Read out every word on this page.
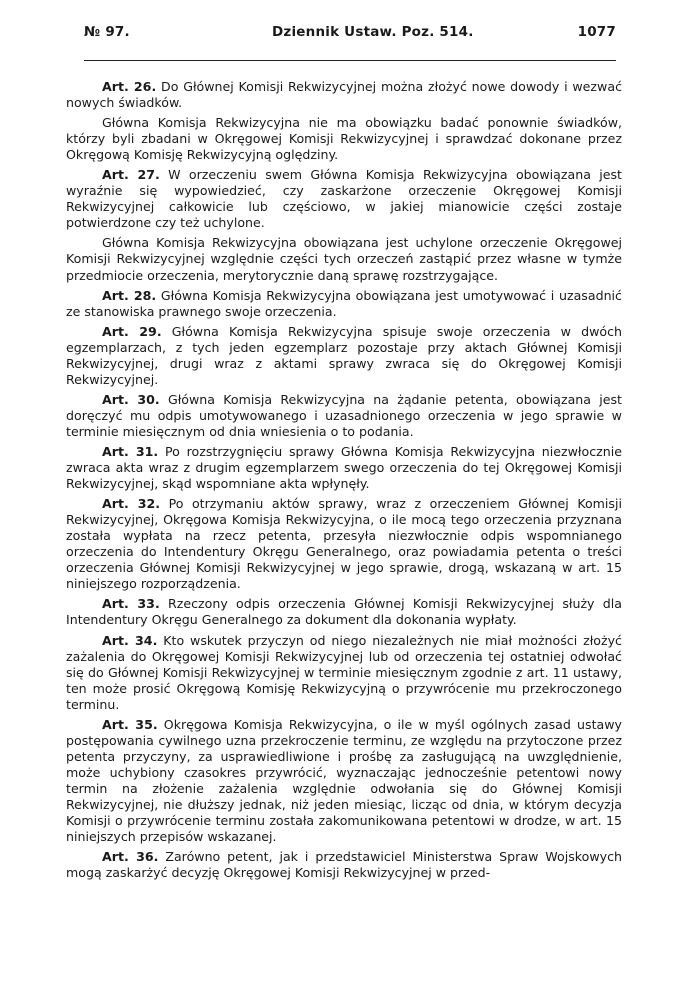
№ 97.	Dziennik Ustaw. Poz. 514.	1077

Art. 26. Do Głównej Komisji Rekwizycyjnej można złożyć nowe dowody i wezwać nowych świadków.

Główna Komisja Rekwizycyjna nie ma obowiązku badać ponownie świadków, którzy byli zbadani w Okręgowej Komisji Rekwizycyjnej i sprawdzać dokonane przez Okręgową Komisję Rekwizycyjną oględziny.

Art. 27. W orzeczeniu swem Główna Komisja Rekwizycyjna obowiązana jest wyraźnie się wypowiedzieć, czy zaskarżone orzeczenie Okręgowej Komisji Rekwizycyjnej całkowicie lub częściowo, w jakiej mianowicie części zostaje potwierdzone czy też uchylone.

Główna Komisja Rekwizycyjna obowiązana jest uchylone orzeczenie Okręgowej Komisji Rekwizycyjnej względnie części tych orzeczeń zastąpić przez własne w tymże przedmiocie orzeczenia, merytorycznie daną sprawę rozstrzygające.

Art. 28. Główna Komisja Rekwizycyjna obowiązana jest umotywować i uzasadnić ze stanowiska prawnego swoje orzeczenia.

Art. 29. Główna Komisja Rekwizycyjna spisuje swoje orzeczenia w dwóch egzemplarzach, z tych jeden egzemplarz pozostaje przy aktach Głównej Komisji Rekwizycyjnej, drugi wraz z aktami sprawy zwraca się do Okręgowej Komisji Rekwizycyjnej.

Art. 30. Główna Komisja Rekwizycyjna na żądanie petenta, obowiązana jest doręczyć mu odpis umotywowanego i uzasadnionego orzeczenia w jego sprawie w terminie miesięcznym od dnia wniesienia o to podania.

Art. 31. Po rozstrzygnięciu sprawy Główna Komisja Rekwizycyjna niezwłocznie zwraca akta wraz z drugim egzemplarzem swego orzeczenia do tej Okręgowej Komisji Rekwizycyjnej, skąd wspomniane akta wpłynęły.

Art. 32. Po otrzymaniu aktów sprawy, wraz z orzeczeniem Głównej Komisji Rekwizycyjnej, Okręgowa Komisja Rekwizycyjna, o ile mocą tego orzeczenia przyznana została wypłata na rzecz petenta, przesyła niezwłocznie odpis wspomnianego orzeczenia do Intendentury Okręgu Generalnego, oraz powiadamia petenta o treści orzeczenia Głównej Komisji Rekwizycyjnej w jego sprawie, drogą, wskazaną w art. 15 niniejszego rozporządzenia.

Art. 33. Rzeczony odpis orzeczenia Głównej Komisji Rekwizycyjnej służy dla Intendentury Okręgu Generalnego za dokument dla dokonania wypłaty.

Art. 34. Kto wskutek przyczyn od niego niezależnych nie miał możności złożyć zażalenia do Okręgowej Komisji Rekwizycyjnej lub od orzeczenia tej ostatniej odwołać się do Głównej Komisji Rekwizycyjnej w terminie miesięcznym zgodnie z art. 11 ustawy, ten może prosić Okręgową Komisję Rekwizycyjną o przywrócenie mu przekroczonego terminu.

Art. 35. Okręgowa Komisja Rekwizycyjna, o ile w myśl ogólnych zasad ustawy postępowania cywilnego uzna przekroczenie terminu, ze względu na przytoczone przez petenta przyczyny, za usprawiedliwione i prośbę za zasługującą na uwzględnienie, może uchybiony czasokres przywrócić, wyznaczając jednocześnie petentowi nowy termin na złożenie zażalenia względnie odwołania się do Głównej Komisji Rekwizycyjnej, nie dłuższy jednak, niż jeden miesiąc, licząc od dnia, w którym decyzja Komisji o przywrócenie terminu została zakomunikowana petentowi w drodze, w art. 15 niniejszych przepisów wskazanej.

Art. 36. Zarówno petent, jak i przedstawiciel Ministerstwa Spraw Wojskowych mogą zaskarżyć decyzję Okręgowej Komisji Rekwizycyjnej w przed-
